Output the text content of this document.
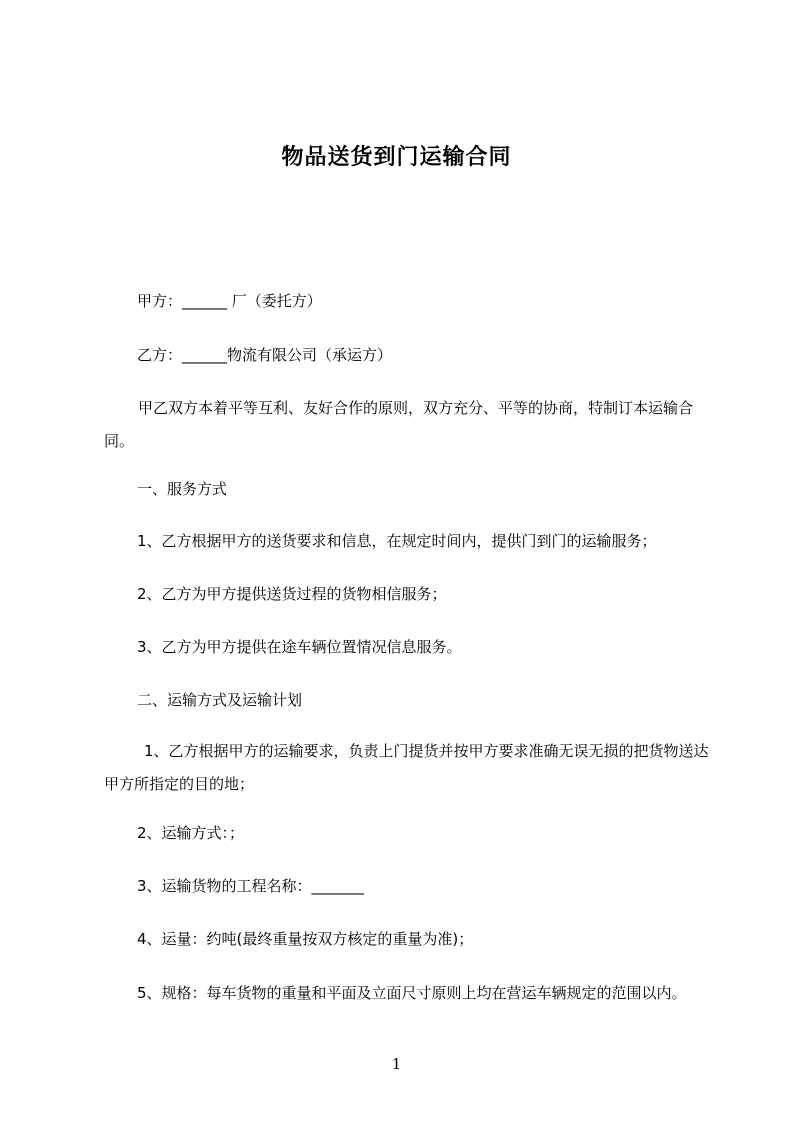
物品送货到门运输合同
甲方：______ 厂（委托方）
乙方：______物流有限公司（承运方）
甲乙双方本着平等互利、友好合作的原则，双方充分、平等的协商，特制订本运输合同。
一、服务方式
1、乙方根据甲方的送货要求和信息，在规定时间内，提供门到门的运输服务；
2、乙方为甲方提供送货过程的货物相信服务；
3、乙方为甲方提供在途车辆位置情况信息服务。
二、运输方式及运输计划
1、乙方根据甲方的运输要求，负责上门提货并按甲方要求准确无误无损的把货物送达甲方所指定的目的地；
2、运输方式：；
3、运输货物的工程名称：_______
4、运量：约吨(最终重量按双方核定的重量为准)；
5、规格：每车货物的重量和平面及立面尺寸原则上均在营运车辆规定的范围以内。
1
